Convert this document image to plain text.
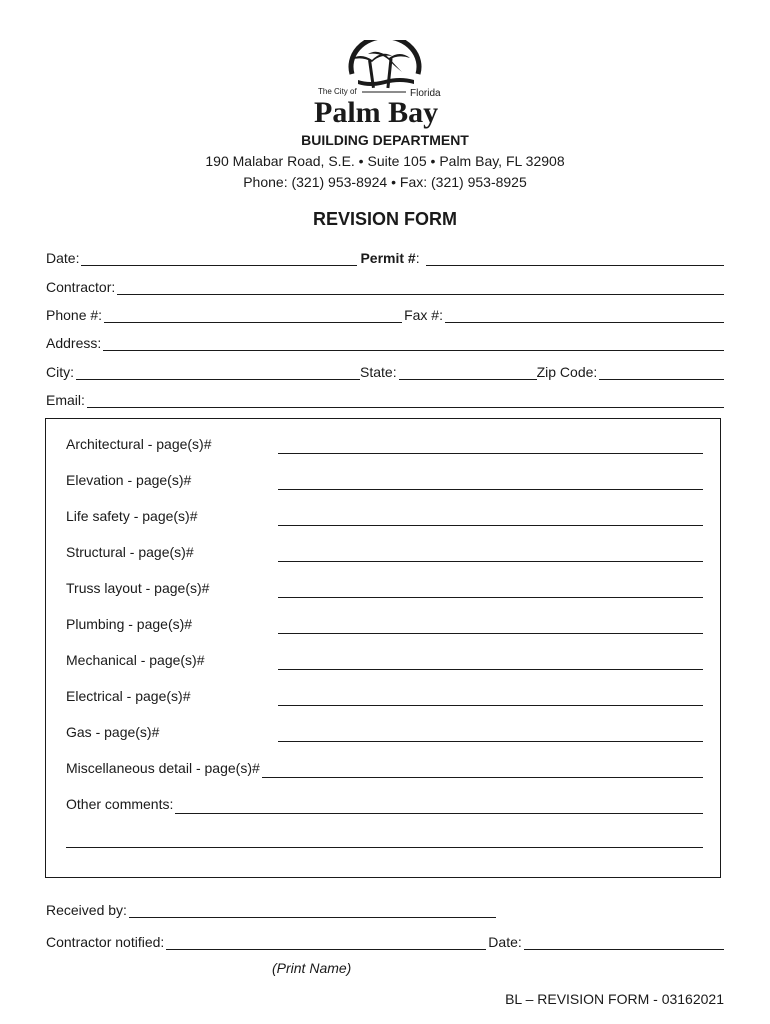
The City of	Florida
Palm Bay
BUILDING DEPARTMENT
190 Malabar Road, S.E. • Suite 105 • Palm Bay, FL 32908
Phone: (321) 953-8924 • Fax: (321) 953-8925
REVISION FORM
Date:	Permit # :
Contractor:
Phone #:	Fax #:
Address:
City:	State:	Zip Code:
Email:
Architectural - page(s)#
Elevation - page(s)#
Life safety - page(s)#
Structural - page(s)#
Truss layout - page(s)#
Plumbing - page(s)#
Mechanical - page(s)#
Electrical - page(s)#
Gas - page(s)#
Miscellaneous detail - page(s)#
Other comments:
Received by:
Contractor notified:	Date:
(Print Name)
BL – REVISION FORM - 03162021
